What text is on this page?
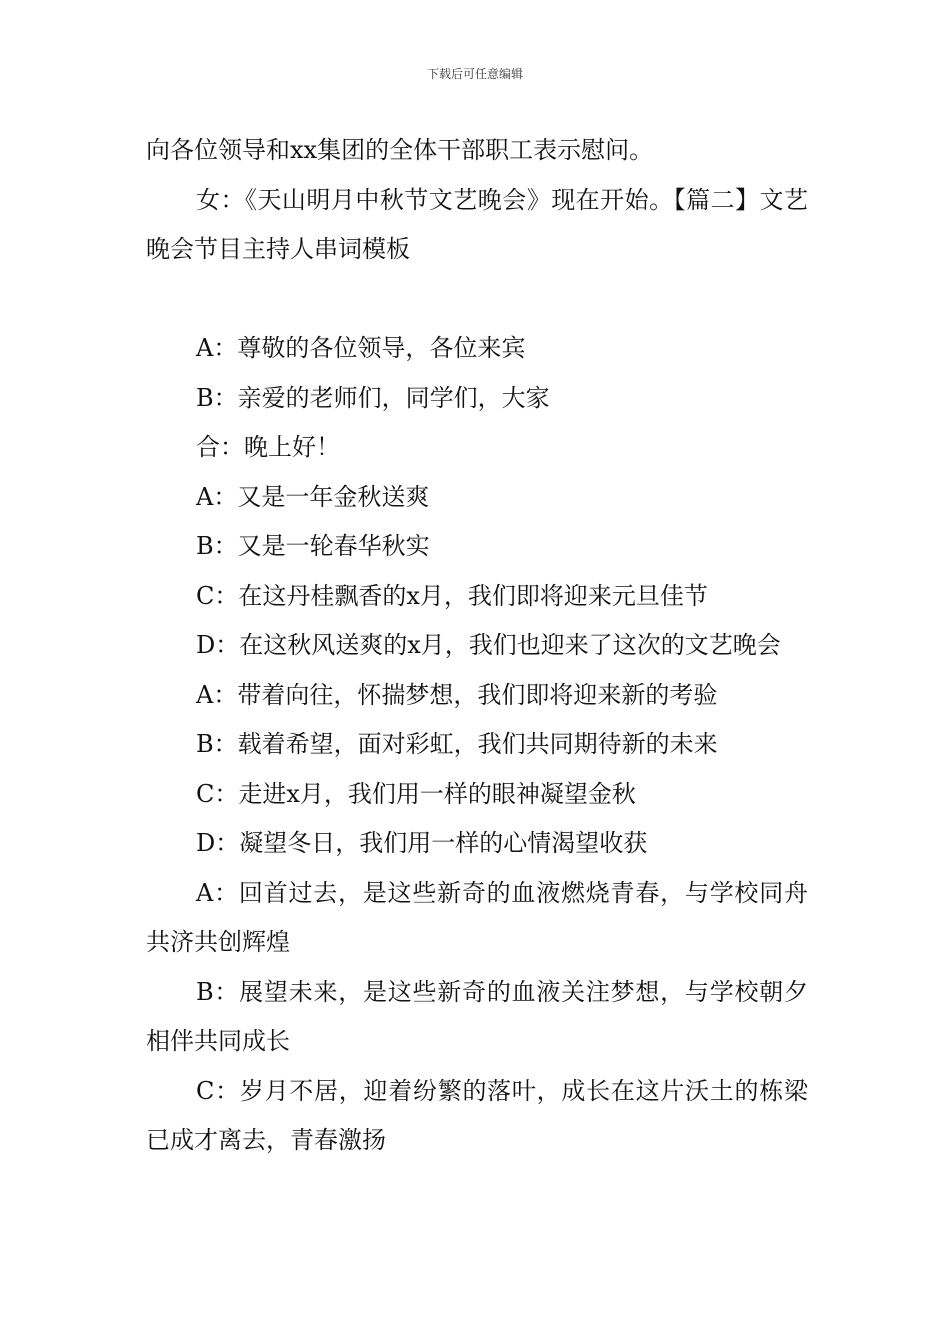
下载后可任意编辑

向各位领导和xx集团的全体干部职工表示慰问。

女：《天山明月中秋节文艺晚会》现在开始。【篇二】文艺晚会节目主持人串词模板

A：尊敬的各位领导，各位来宾

B：亲爱的老师们，同学们，大家

合：晚上好！

A：又是一年金秋送爽

B：又是一轮春华秋实

C：在这丹桂飘香的x月，我们即将迎来元旦佳节

D：在这秋风送爽的x月，我们也迎来了这次的文艺晚会

A：带着向往，怀揣梦想，我们即将迎来新的考验

B：载着希望，面对彩虹，我们共同期待新的未来

C：走进x月，我们用一样的眼神凝望金秋

D：凝望冬日，我们用一样的心情渴望收获

A：回首过去，是这些新奇的血液燃烧青春，与学校同舟共济共创辉煌

B：展望未来，是这些新奇的血液关注梦想，与学校朝夕相伴共同成长

C：岁月不居，迎着纷繁的落叶，成长在这片沃土的栋梁已成才离去，青春激扬
